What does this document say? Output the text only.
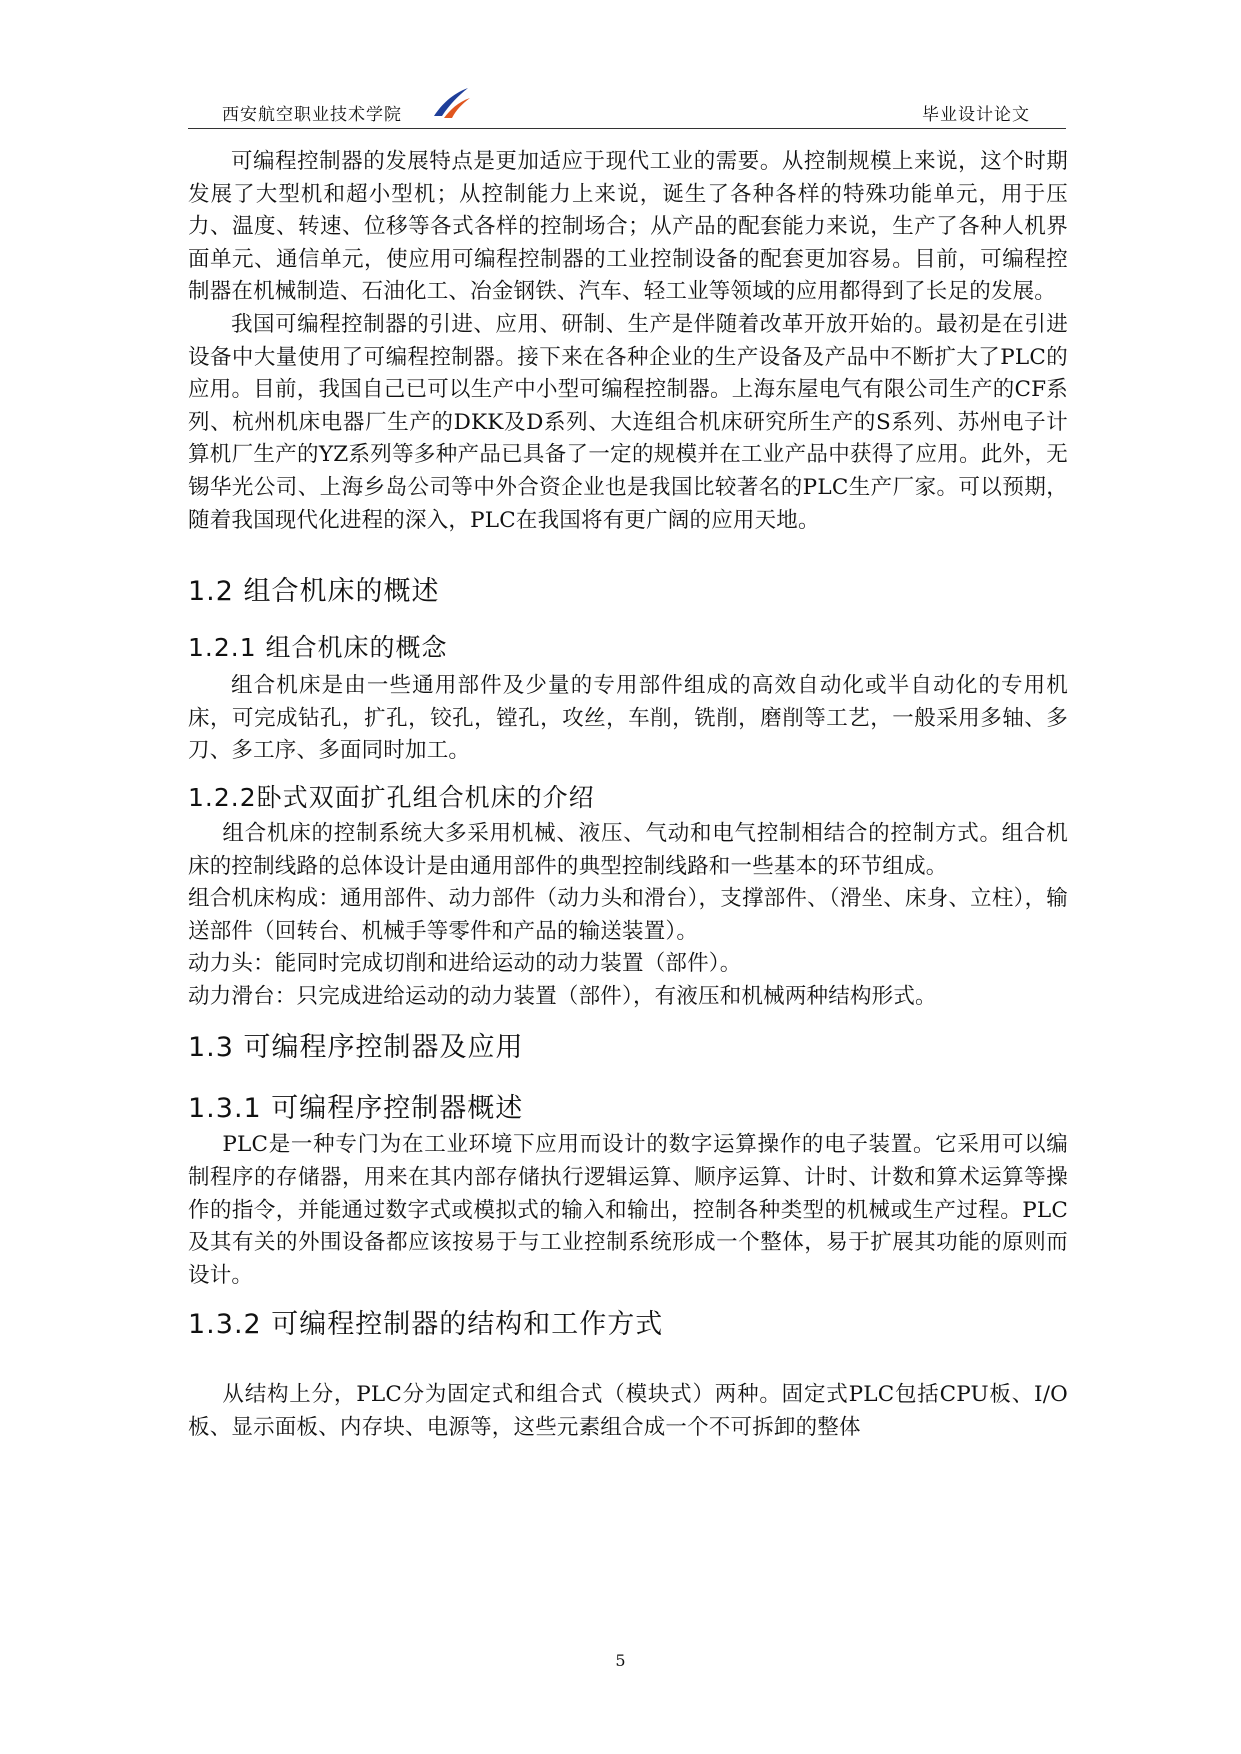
西安航空职业技术学院	毕业设计论文

可编程控制器的发展特点是更加适应于现代工业的需要。从控制规模上来说，这个时期发展了大型机和超小型机；从控制能力上来说，诞生了各种各样的特殊功能单元，用于压力、温度、转速、位移等各式各样的控制场合；从产品的配套能力来说，生产了各种人机界面单元、通信单元，使应用可编程控制器的工业控制设备的配套更加容易。目前，可编程控制器在机械制造、石油化工、冶金钢铁、汽车、轻工业等领域的应用都得到了长足的发展。

我国可编程控制器的引进、应用、研制、生产是伴随着改革开放开始的。最初是在引进设备中大量使用了可编程控制器。接下来在各种企业的生产设备及产品中不断扩大了PLC的应用。目前，我国自己已可以生产中小型可编程控制器。上海东屋电气有限公司生产的CF系列、杭州机床电器厂生产的DKK及D系列、大连组合机床研究所生产的S系列、苏州电子计算机厂生产的YZ系列等多种产品已具备了一定的规模并在工业产品中获得了应用。此外，无锡华光公司、上海乡岛公司等中外合资企业也是我国比较著名的PLC生产厂家。可以预期，随着我国现代化进程的深入，PLC在我国将有更广阔的应用天地。

1.2 组合机床的概述
1.2.1 组合机床的概念

组合机床是由一些通用部件及少量的专用部件组成的高效自动化或半自动化的专用机床，可完成钻孔，扩孔，铰孔，镗孔，攻丝，车削，铣削，磨削等工艺，一般采用多轴、多刀、多工序、多面同时加工。

1.2.2卧式双面扩孔组合机床的介绍

组合机床的控制系统大多采用机械、液压、气动和电气控制相结合的控制方式。组合机床的控制线路的总体设计是由通用部件的典型控制线路和一些基本的环节组成。

组合机床构成：通用部件、动力部件（动力头和滑台），支撑部件、（滑坐、床身、立柱），输送部件（回转台、机械手等零件和产品的输送装置）。

动力头：能同时完成切削和进给运动的动力装置（部件）。

动力滑台：只完成进给运动的动力装置（部件），有液压和机械两种结构形式。

1.3 可编程序控制器及应用
1.3.1 可编程序控制器概述

PLC是一种专门为在工业环境下应用而设计的数字运算操作的电子装置。它采用可以编制程序的存储器，用来在其内部存储执行逻辑运算、顺序运算、计时、计数和算术运算等操作的指令，并能通过数字式或模拟式的输入和输出，控制各种类型的机械或生产过程。PLC及其有关的外围设备都应该按易于与工业控制系统形成一个整体，易于扩展其功能的原则而设计。

1.3.2 可编程控制器的结构和工作方式

从结构上分，PLC分为固定式和组合式（模块式）两种。固定式PLC包括CPU板、I/O板、显示面板、内存块、电源等，这些元素组合成一个不可拆卸的整体

5
